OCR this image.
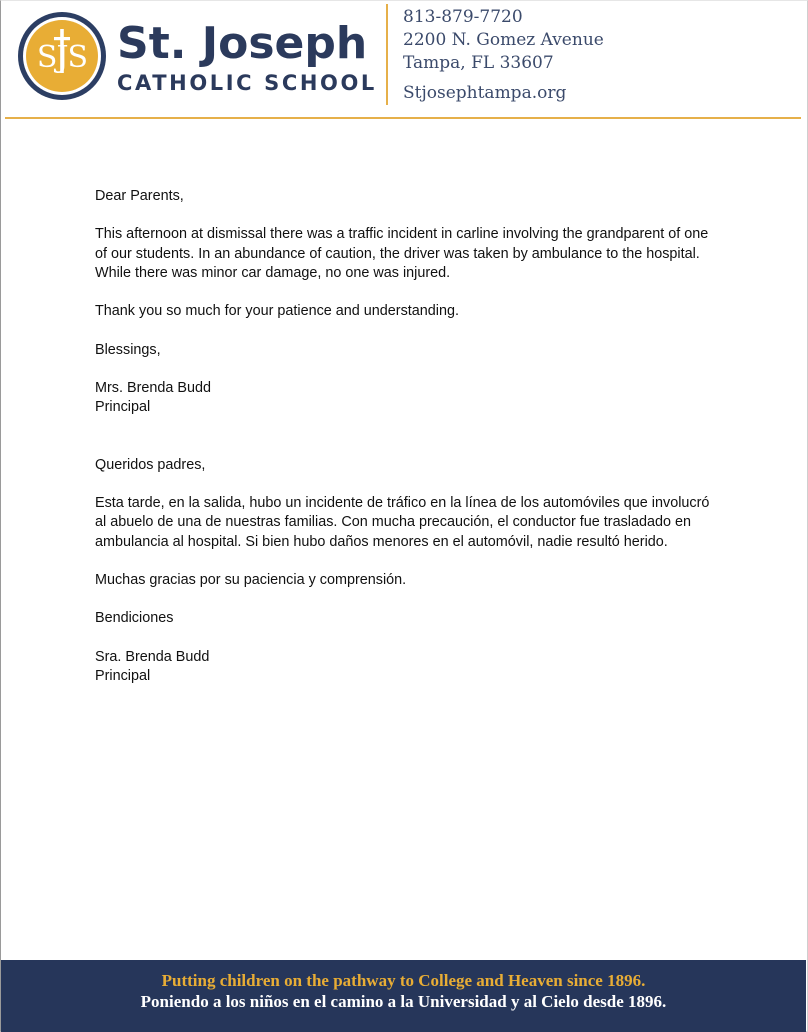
SJS St. Joseph
CATHOLIC SCHOOL
813-879-7720
2200 N. Gomez Avenue
Tampa, FL 33607
Stjosephtampa.org

Dear Parents,

This afternoon at dismissal there was a traffic incident in carline involving the grandparent of one of our students. In an abundance of caution, the driver was taken by ambulance to the hospital. While there was minor car damage, no one was injured.

Thank you so much for your patience and understanding.

Blessings,

Mrs. Brenda Budd
Principal

Queridos padres,

Esta tarde, en la salida, hubo un incidente de tráfico en la línea de los automóviles que involucró al abuelo de una de nuestras familias. Con mucha precaución, el conductor fue trasladado en ambulancia al hospital. Si bien hubo daños menores en el automóvil, nadie resultó herido.

Muchas gracias por su paciencia y comprensión.

Bendiciones

Sra. Brenda Budd
Principal

Putting children on the pathway to College and Heaven since 1896.
Poniendo a los niños en el camino a la Universidad y al Cielo desde 1896.
